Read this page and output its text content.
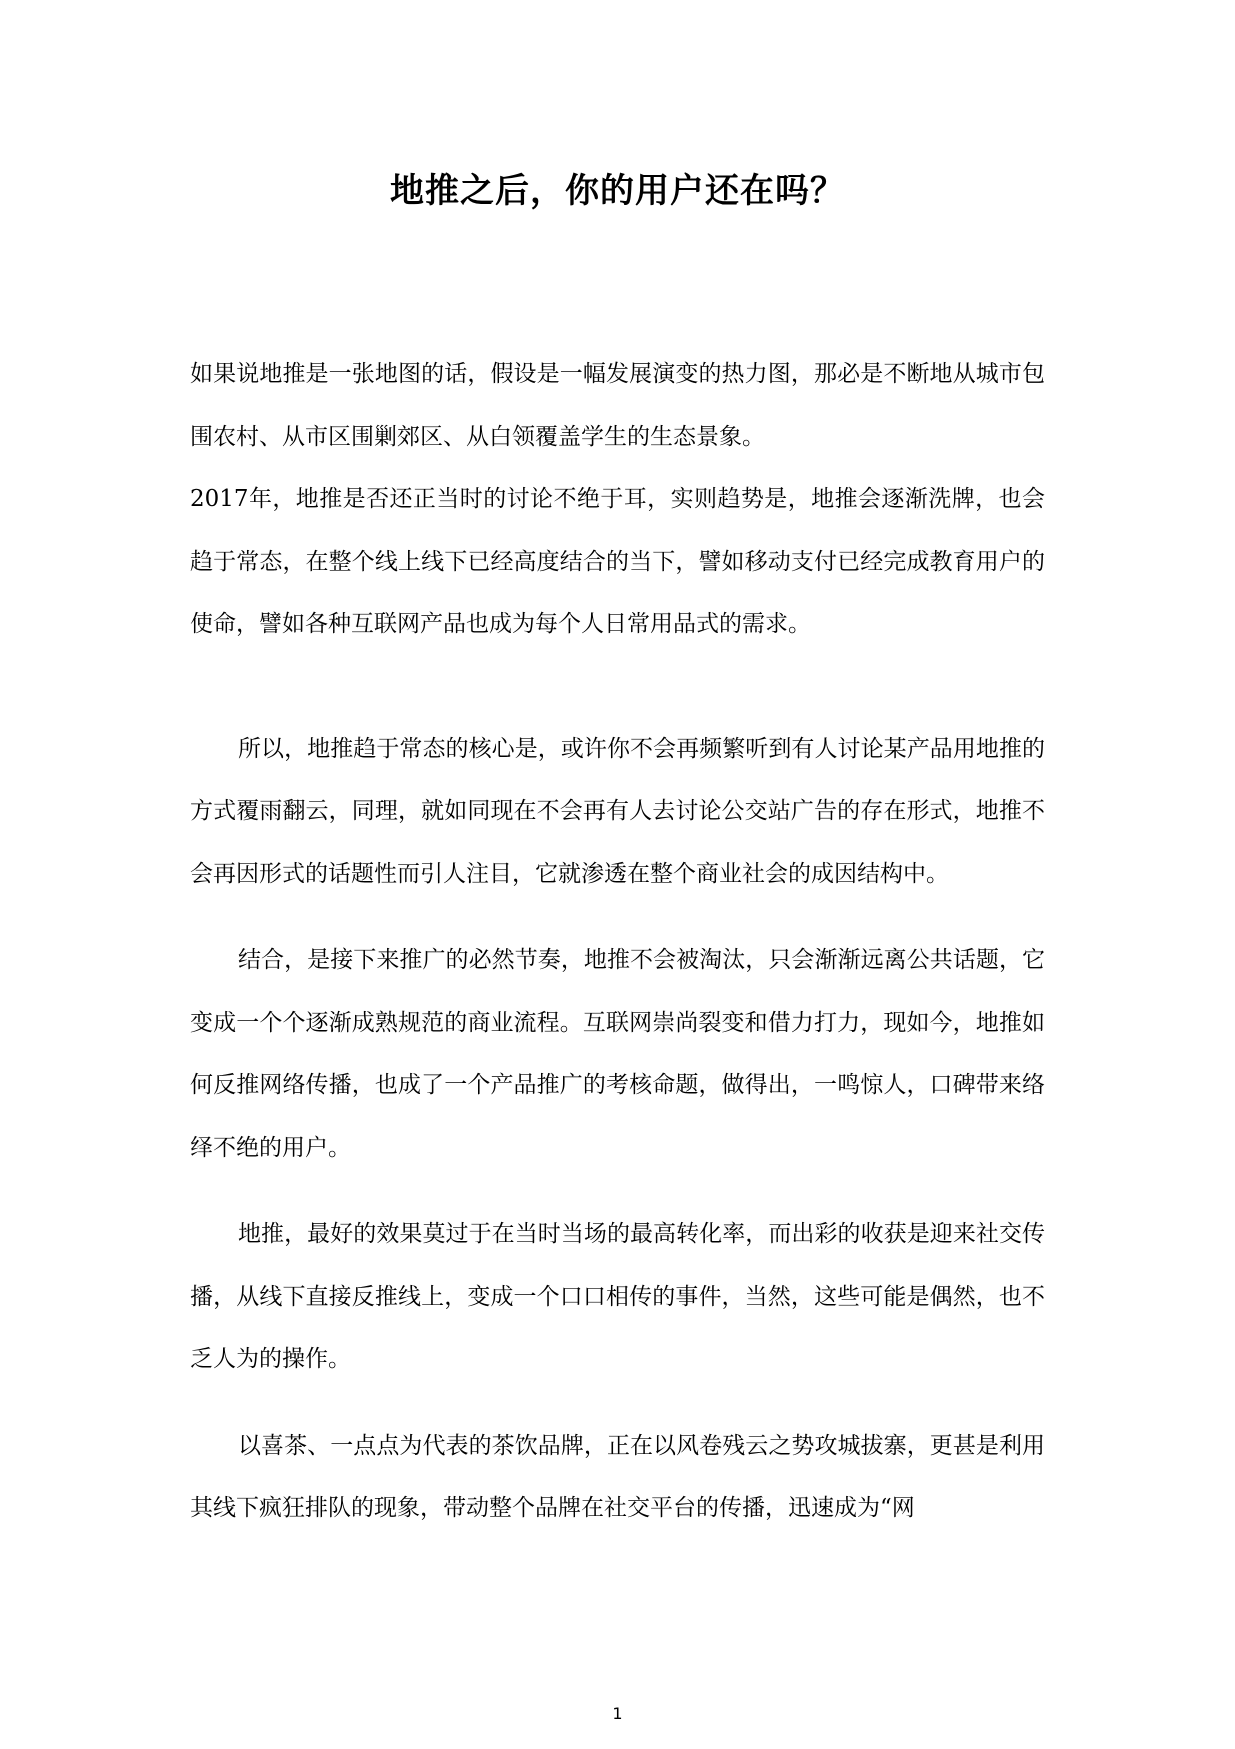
地推之后，你的用户还在吗？

如果说地推是一张地图的话，假设是一幅发展演变的热力图，那必是不断地从城市包围农村、从市区围剿郊区、从白领覆盖学生的生态景象。

2017年，地推是否还正当时的讨论不绝于耳，实则趋势是，地推会逐渐洗牌，也会趋于常态，在整个线上线下已经高度结合的当下，譬如移动支付已经完成教育用户的使命，譬如各种互联网产品也成为每个人日常用品式的需求。

所以，地推趋于常态的核心是，或许你不会再频繁听到有人讨论某产品用地推的方式覆雨翻云，同理，就如同现在不会再有人去讨论公交站广告的存在形式，地推不会再因形式的话题性而引人注目，它就渗透在整个商业社会的成因结构中。

结合，是接下来推广的必然节奏，地推不会被淘汰，只会渐渐远离公共话题，它变成一个个逐渐成熟规范的商业流程。互联网崇尚裂变和借力打力，现如今，地推如何反推网络传播，也成了一个产品推广的考核命题，做得出，一鸣惊人，口碑带来络绎不绝的用户。

地推，最好的效果莫过于在当时当场的最高转化率，而出彩的收获是迎来社交传播，从线下直接反推线上，变成一个口口相传的事件，当然，这些可能是偶然，也不乏人为的操作。

以喜茶、一点点为代表的茶饮品牌，正在以风卷残云之势攻城拔寨，更甚是利用其线下疯狂排队的现象，带动整个品牌在社交平台的传播，迅速成为“网

1
